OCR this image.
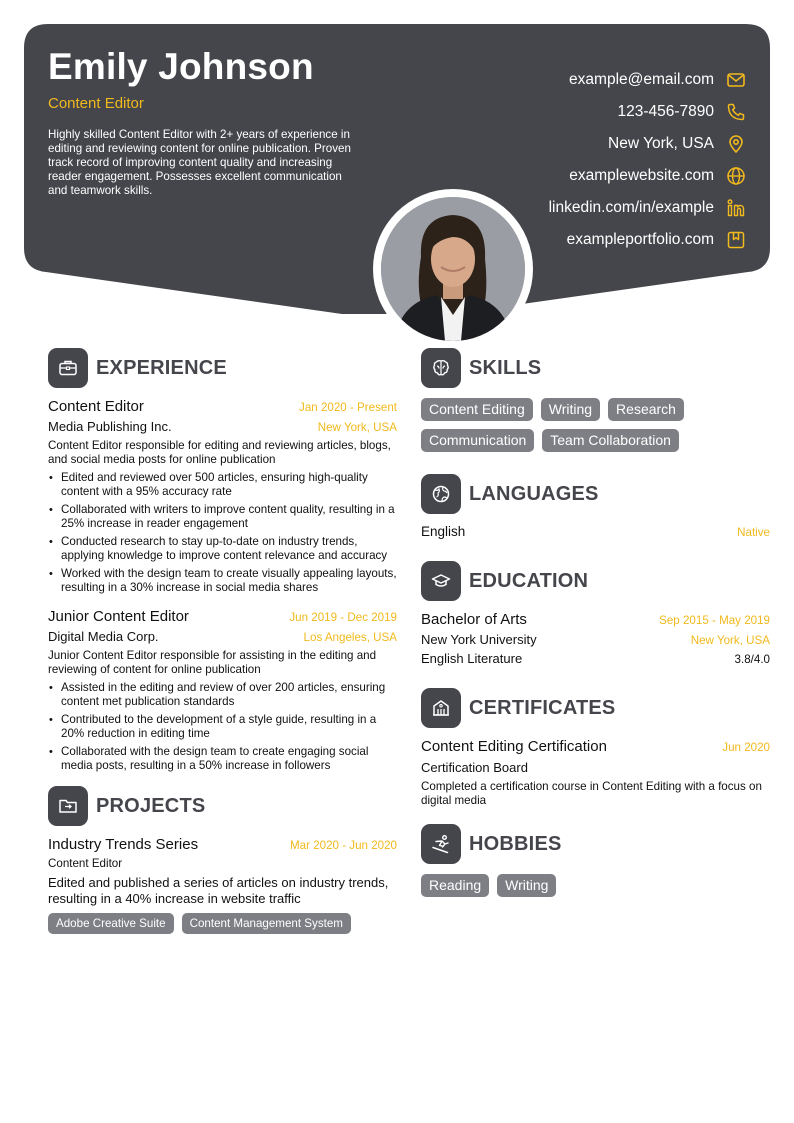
Emily Johnson
Content Editor
Highly skilled Content Editor with 2+ years of experience in editing and reviewing content for online publication. Proven track record of improving content quality and increasing reader engagement. Possesses excellent communication and teamwork skills.
example@email.com
123-456-7890
New York, USA
examplewebsite.com
linkedin.com/in/example
exampleportfolio.com
EXPERIENCE
Content Editor	Jan 2020 - Present
Media Publishing Inc.	New York, USA
Content Editor responsible for editing and reviewing articles, blogs, and social media posts for online publication
• Edited and reviewed over 500 articles, ensuring high-quality content with a 95% accuracy rate
• Collaborated with writers to improve content quality, resulting in a 25% increase in reader engagement
• Conducted research to stay up-to-date on industry trends, applying knowledge to improve content relevance and accuracy
• Worked with the design team to create visually appealing layouts, resulting in a 30% increase in social media shares
Junior Content Editor	Jun 2019 - Dec 2019
Digital Media Corp.	Los Angeles, USA
Junior Content Editor responsible for assisting in the editing and reviewing of content for online publication
• Assisted in the editing and review of over 200 articles, ensuring content met publication standards
• Contributed to the development of a style guide, resulting in a 20% reduction in editing time
• Collaborated with the design team to create engaging social media posts, resulting in a 50% increase in followers
PROJECTS
Industry Trends Series	Mar 2020 - Jun 2020
Content Editor
Edited and published a series of articles on industry trends, resulting in a 40% increase in website traffic
Adobe Creative Suite	Content Management System
SKILLS
Content Editing	Writing	Research
Communication	Team Collaboration
LANGUAGES
English	Native
EDUCATION
Bachelor of Arts	Sep 2015 - May 2019
New York University	New York, USA
English Literature	3.8/4.0
CERTIFICATES
Content Editing Certification	Jun 2020
Certification Board
Completed a certification course in Content Editing with a focus on digital media
HOBBIES
Reading	Writing
